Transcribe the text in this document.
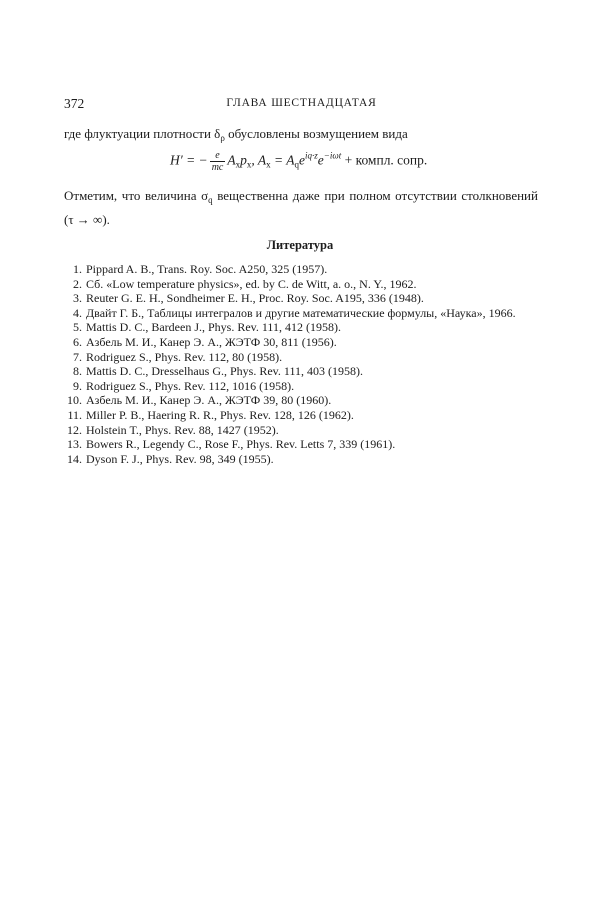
372	ГЛАВА ШЕСТНАДЦАТАЯ
где флуктуации плотности $\delta_\rho$ обусловлены возмущением вида
H′ = − $\frac{e}{mc} A_xp_x$, $A_x = A_qe^{iq\cdot z}e^{-i\omega t}$ + компл. сопр.
Отметим, что величина $\sigma_q$ вещественна даже при полном отсутствии столкновений (τ → ∞).
Литература
1. Pippard A. B., Trans. Roy. Soc. A250, 325 (1957).
2. Сб. «Low temperature physics», ed. by C. de Witt, a. o., N. Y., 1962.
3. Reuter G. E. H., Sondheimer E. H., Proc. Roy. Soc. A195, 336 (1948).
4. Двайт Г. Б., Таблицы интегралов и другие математические формулы, «Наука», 1966.
5. Mattis D. C., Bardeen J., Phys. Rev. 111, 412 (1958).
6. Азбель М. И., Канер Э. А., ЖЭТФ 30, 811 (1956).
7. Rodriguez S., Phys. Rev. 112, 80 (1958).
8. Mattis D. C., Dresselhaus G., Phys. Rev. 111, 403 (1958).
9. Rodriguez S., Phys. Rev. 112, 1016 (1958).
10. Азбель М. И., Канер Э. А., ЖЭТФ 39, 80 (1960).
11. Miller P. B., Haering R. R., Phys. Rev. 128, 126 (1962).
12. Holstein T., Phys. Rev. 88, 1427 (1952).
13. Bowers R., Legendy C., Rose F., Phys. Rev. Letts 7, 339 (1961).
14. Dyson F. J., Phys. Rev. 98, 349 (1955).
